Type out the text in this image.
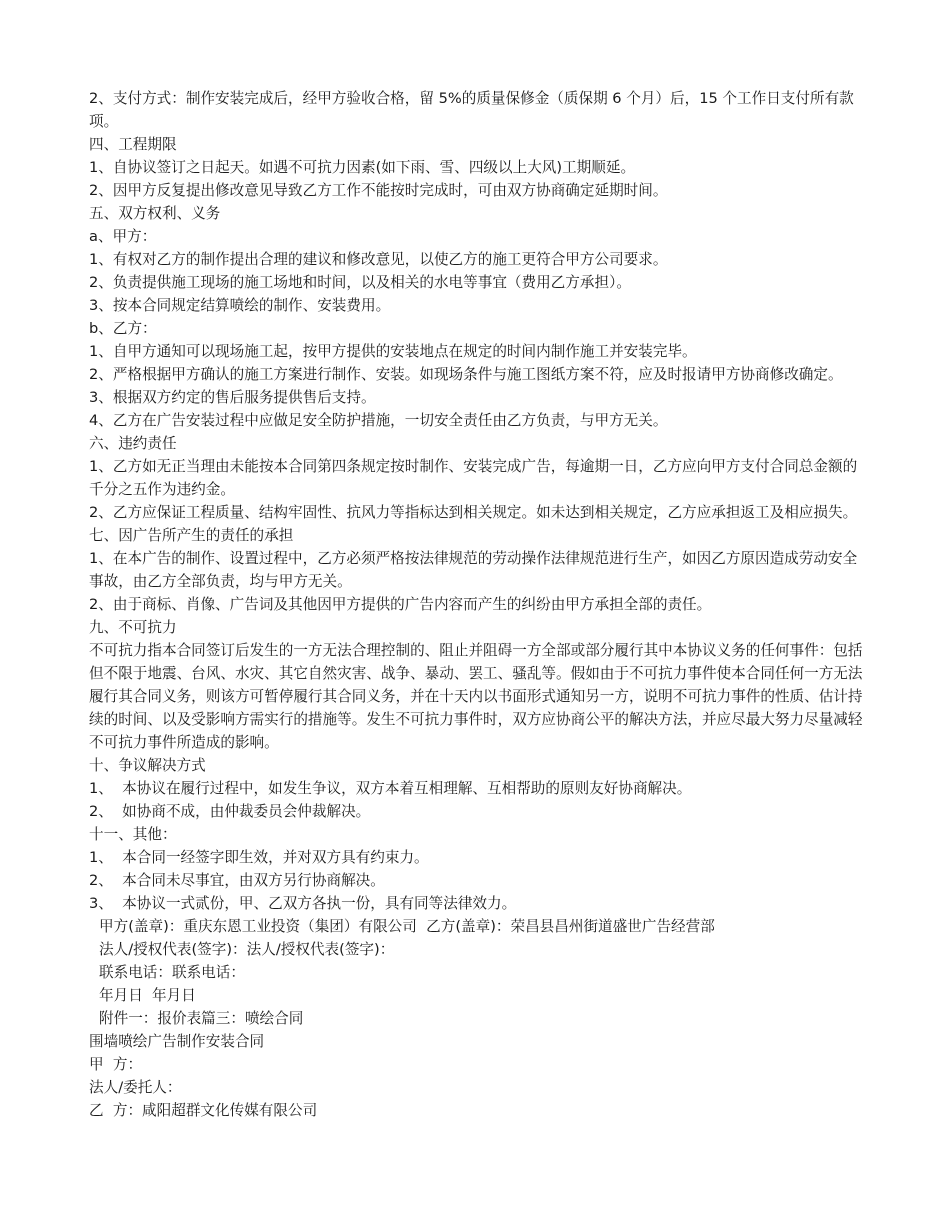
2、支付方式：制作安装完成后，经甲方验收合格，留 5%的质量保修金（质保期 6 个月）后，15 个工作日支付所有款项。

四、工程期限

1、自协议签订之日起天。如遇不可抗力因素(如下雨、雪、四级以上大风)工期顺延。

2、因甲方反复提出修改意见导致乙方工作不能按时完成时，可由双方协商确定延期时间。

五、双方权利、义务

a、甲方：

1、有权对乙方的制作提出合理的建议和修改意见，以使乙方的施工更符合甲方公司要求。

2、负责提供施工现场的施工场地和时间，以及相关的水电等事宜（费用乙方承担）。

3、按本合同规定结算喷绘的制作、安装费用。

b、乙方：

1、自甲方通知可以现场施工起，按甲方提供的安装地点在规定的时间内制作施工并安装完毕。

2、严格根据甲方确认的施工方案进行制作、安装。如现场条件与施工图纸方案不符，应及时报请甲方协商修改确定。

3、根据双方约定的售后服务提供售后支持。

4、乙方在广告安装过程中应做足安全防护措施，一切安全责任由乙方负责，与甲方无关。

六、违约责任

1、乙方如无正当理由未能按本合同第四条规定按时制作、安装完成广告，每逾期一日，乙方应向甲方支付合同总金额的千分之五作为违约金。

2、乙方应保证工程质量、结构牢固性、抗风力等指标达到相关规定。如未达到相关规定，乙方应承担返工及相应损失。

七、因广告所产生的责任的承担

1、在本广告的制作、设置过程中，乙方必须严格按法律规范的劳动操作法律规范进行生产，如因乙方原因造成劳动安全事故，由乙方全部负责，均与甲方无关。

2、由于商标、肖像、广告词及其他因甲方提供的广告内容而产生的纠纷由甲方承担全部的责任。

九、不可抗力

不可抗力指本合同签订后发生的一方无法合理控制的、阻止并阻碍一方全部或部分履行其中本协议义务的任何事件：包括但不限于地震、台风、水灾、其它自然灾害、战争、暴动、罢工、骚乱等。假如由于不可抗力事件使本合同任何一方无法履行其合同义务，则该方可暂停履行其合同义务，并在十天内以书面形式通知另一方，说明不可抗力事件的性质、估计持续的时间、以及受影响方需实行的措施等。发生不可抗力事件时，双方应协商公平的解决方法，并应尽最大努力尽量减轻不可抗力事件所造成的影响。

十、争议解决方式

1、  本协议在履行过程中，如发生争议，双方本着互相理解、互相帮助的原则友好协商解决。

2、  如协商不成，由仲裁委员会仲裁解决。

十一、其他：

1、  本合同一经签字即生效，并对双方具有约束力。

2、  本合同未尽事宜，由双方另行协商解决。

3、  本协议一式贰份，甲、乙双方各执一份，具有同等法律效力。

甲方(盖章)：重庆东恩工业投资（集团）有限公司  乙方(盖章)：荣昌县昌州街道盛世广告经营部

法人/授权代表(签字)：法人/授权代表(签字)：

联系电话：联系电话：

年月日  年月日

附件一：报价表篇三：喷绘合同

围墙喷绘广告制作安装合同

甲  方：

法人/委托人：

乙  方：咸阳超群文化传媒有限公司
